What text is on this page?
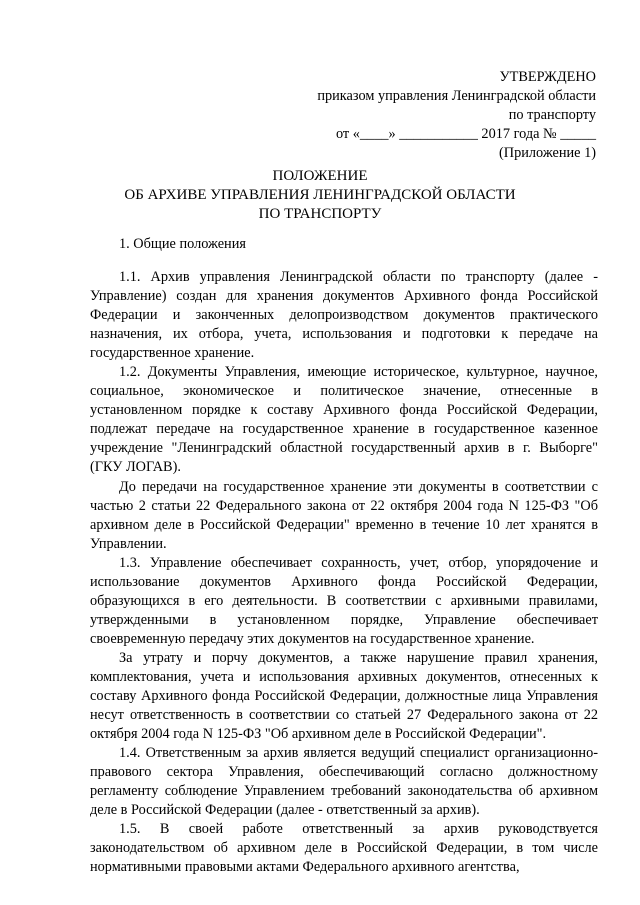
УТВЕРЖДЕНО
приказом управления Ленинградской области
по транспорту
от «____» ___________ 2017 года № _____
(Приложение 1)
ПОЛОЖЕНИЕ
ОБ АРХИВЕ УПРАВЛЕНИЯ ЛЕНИНГРАДСКОЙ ОБЛАСТИ
ПО ТРАНСПОРТУ
1. Общие положения

1.1. Архив управления Ленинградской области по транспорту (далее - Управление) создан для хранения документов Архивного фонда Российской Федерации и законченных делопроизводством документов практического назначения, их отбора, учета, использования и подготовки к передаче на государственное хранение.

1.2. Документы Управления, имеющие историческое, культурное, научное, социальное, экономическое и политическое значение, отнесенные в установленном порядке к составу Архивного фонда Российской Федерации, подлежат передаче на государственное хранение в государственное казенное учреждение "Ленинградский областной государственный архив в г. Выборге" (ГКУ ЛОГАВ).

До передачи на государственное хранение эти документы в соответствии с частью 2 статьи 22 Федерального закона от 22 октября 2004 года N 125-ФЗ "Об архивном деле в Российской Федерации" временно в течение 10 лет хранятся в Управлении.

1.3. Управление обеспечивает сохранность, учет, отбор, упорядочение и использование документов Архивного фонда Российской Федерации, образующихся в его деятельности. В соответствии с архивными правилами, утвержденными в установленном порядке, Управление обеспечивает своевременную передачу этих документов на государственное хранение.

За утрату и порчу документов, а также нарушение правил хранения, комплектования, учета и использования архивных документов, отнесенных к составу Архивного фонда Российской Федерации, должностные лица Управления несут ответственность в соответствии со статьей 27 Федерального закона от 22 октября 2004 года N 125-ФЗ "Об архивном деле в Российской Федерации".

1.4. Ответственным за архив является ведущий специалист организационно-правового сектора Управления, обеспечивающий согласно должностному регламенту соблюдение Управлением требований законодательства об архивном деле в Российской Федерации (далее - ответственный за архив).

1.5. В своей работе ответственный за архив руководствуется законодательством об архивном деле в Российской Федерации, в том числе нормативными правовыми актами Федерального архивного агентства,
